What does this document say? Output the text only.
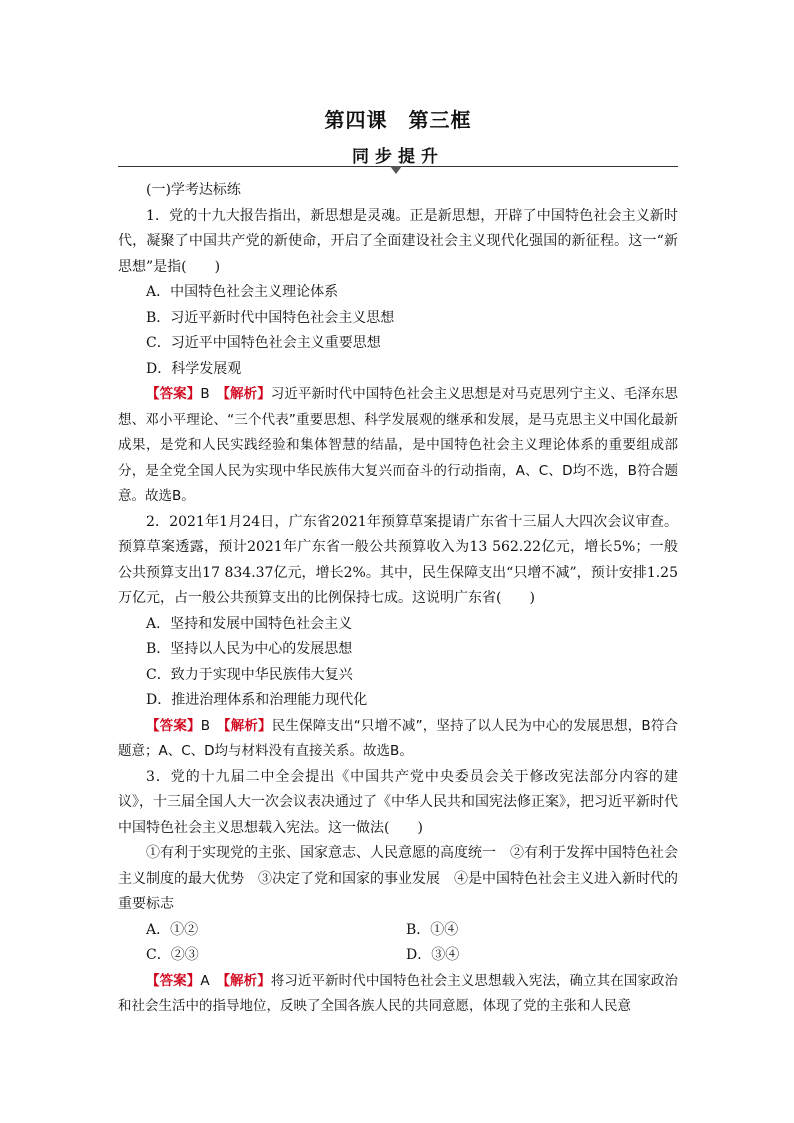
第四课　第三框
同步提升
(一)学考达标练
1．党的十九大报告指出，新思想是灵魂。正是新思想，开辟了中国特色社会主义新时代，凝聚了中国共产党的新使命，开启了全面建设社会主义现代化强国的新征程。这一“新思想”是指(　　)
A．中国特色社会主义理论体系
B．习近平新时代中国特色社会主义思想
C．习近平中国特色社会主义重要思想
D．科学发展观
【答案】B　 【解析】习近平新时代中国特色社会主义思想是对马克思列宁主义、毛泽东思想、邓小平理论、“三个代表”重要思想、科学发展观的继承和发展，是马克思主义中国化最新成果，是党和人民实践经验和集体智慧的结晶，是中国特色社会主义理论体系的重要组成部分，是全党全国人民为实现中华民族伟大复兴而奋斗的行动指南，A、C、D均不选，B符合题意。故选B。
2．2021年1月24日，广东省2021年预算草案提请广东省十三届人大四次会议审查。预算草案透露，预计2021年广东省一般公共预算收入为13 562.22亿元，增长5%；一般公共预算支出17 834.37亿元，增长2%。其中，民生保障支出“只增不减”，预计安排1.25万亿元，占一般公共预算支出的比例保持七成。这说明广东省(　　)
A．坚持和发展中国特色社会主义
B．坚持以人民为中心的发展思想
C．致力于实现中华民族伟大复兴
D．推进治理体系和治理能力现代化
【答案】B　 【解析】民生保障支出“只增不减”，坚持了以人民为中心的发展思想，B符合题意；A、C、D均与材料没有直接关系。故选B。
3．党的十九届二中全会提出《中国共产党中央委员会关于修改宪法部分内容的建议》，十三届全国人大一次会议表决通过了《中华人民共和国宪法修正案》，把习近平新时代中国特色社会主义思想载入宪法。这一做法(　　)
①有利于实现党的主张、国家意志、人民意愿的高度统一　②有利于发挥中国特色社会主义制度的最大优势　③决定了党和国家的事业发展　④是中国特色社会主义进入新时代的重要标志
A．①②	B．①④
C．②③	D．③④
【答案】A　 【解析】将习近平新时代中国特色社会主义思想载入宪法，确立其在国家政治和社会生活中的指导地位，反映了全国各族人民的共同意愿，体现了党的主张和人民意
